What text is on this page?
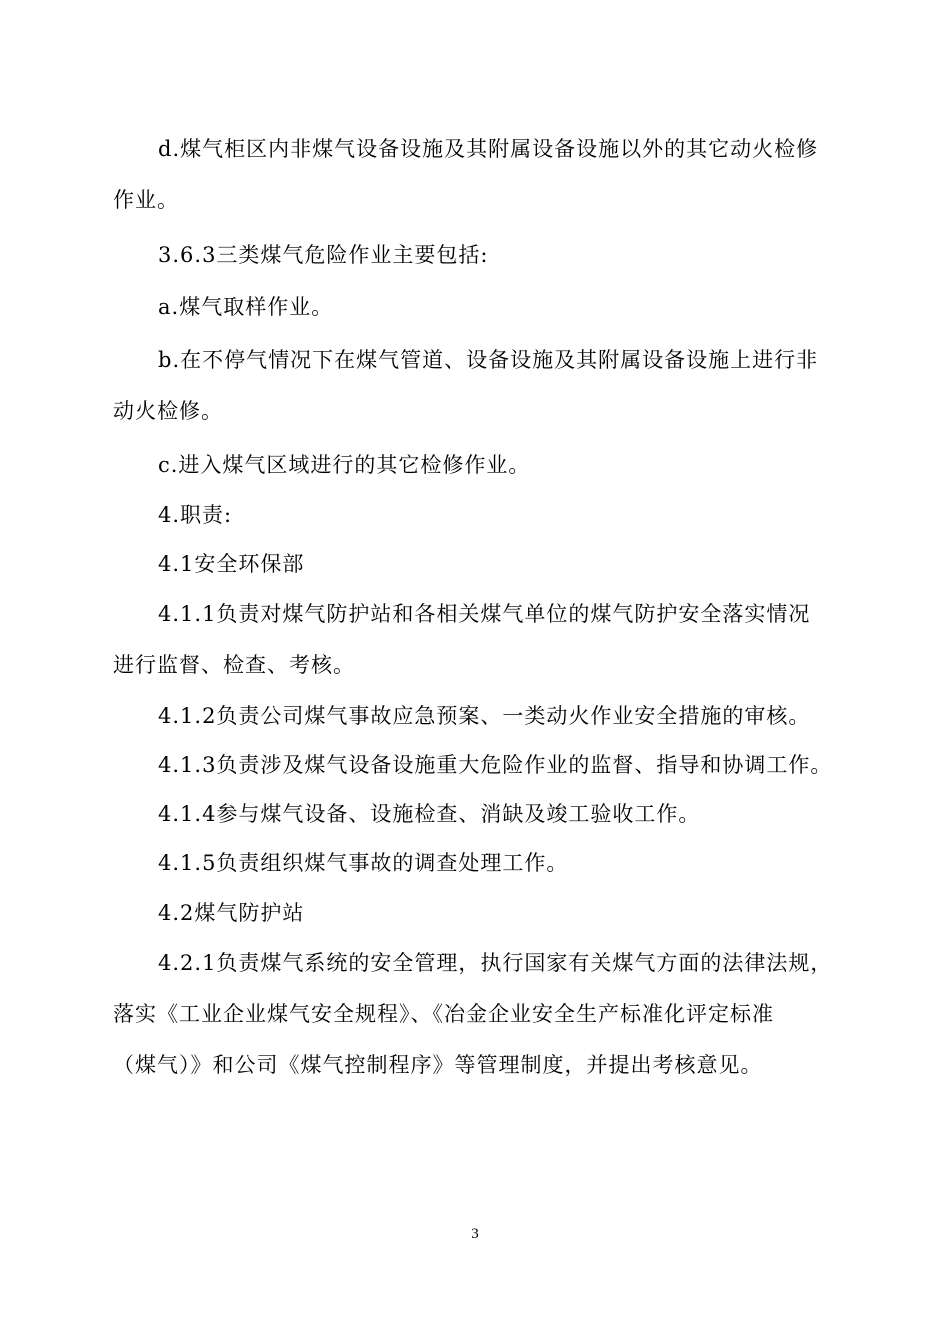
d.煤气柜区内非煤气设备设施及其附属设备设施以外的其它动火检修
作业。

3.6.3三类煤气危险作业主要包括:

a.煤气取样作业。

b.在不停气情况下在煤气管道、设备设施及其附属设备设施上进行非
动火检修。

c.进入煤气区域进行的其它检修作业。

4.职责:

4.1安全环保部

4.1.1负责对煤气防护站和各相关煤气单位的煤气防护安全落实情况
进行监督、检查、考核。

4.1.2负责公司煤气事故应急预案、一类动火作业安全措施的审核。

4.1.3负责涉及煤气设备设施重大危险作业的监督、指导和协调工作。

4.1.4参与煤气设备、设施检查、消缺及竣工验收工作。

4.1.5负责组织煤气事故的调查处理工作。

4.2煤气防护站

4.2.1负责煤气系统的安全管理，执行国家有关煤气方面的法律法规，
落实《工业企业煤气安全规程》、《冶金企业安全生产标准化评定标准
（煤气）》和公司《煤气控制程序》等管理制度，并提出考核意见。

3
